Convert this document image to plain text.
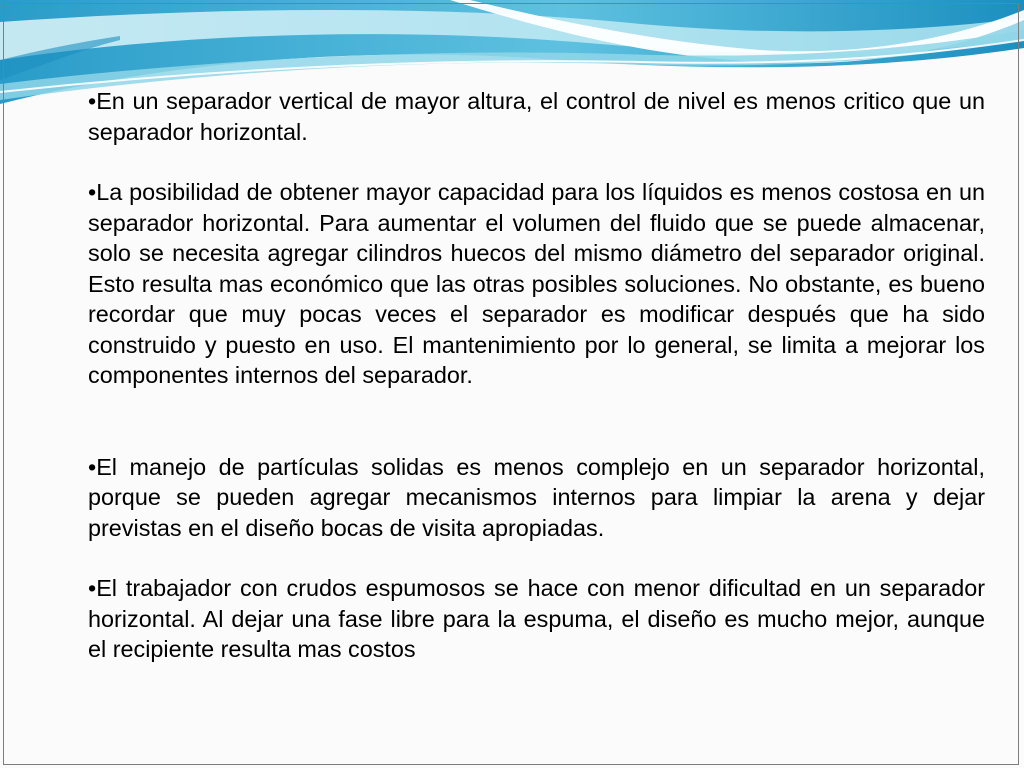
•En un separador vertical de mayor altura, el control de nivel es menos critico que un separador horizontal.

•La posibilidad de obtener mayor capacidad para los líquidos es menos costosa en un separador horizontal. Para aumentar el volumen del fluido que se puede almacenar, solo se necesita agregar cilindros huecos del mismo diámetro del separador original. Esto resulta mas económico que las otras posibles soluciones. No obstante, es bueno recordar que muy pocas veces el separador es modificar después que ha sido construido y puesto en uso. El mantenimiento por lo general, se limita a mejorar los componentes internos del separador.

•El manejo de partículas solidas es menos complejo en un separador horizontal, porque se pueden agregar mecanismos internos para limpiar la arena y dejar previstas en el diseño bocas de visita apropiadas.

•El trabajador con crudos espumosos se hace con menor dificultad en un separador horizontal. Al dejar una fase libre para la espuma, el diseño es mucho mejor, aunque el recipiente resulta mas costos
